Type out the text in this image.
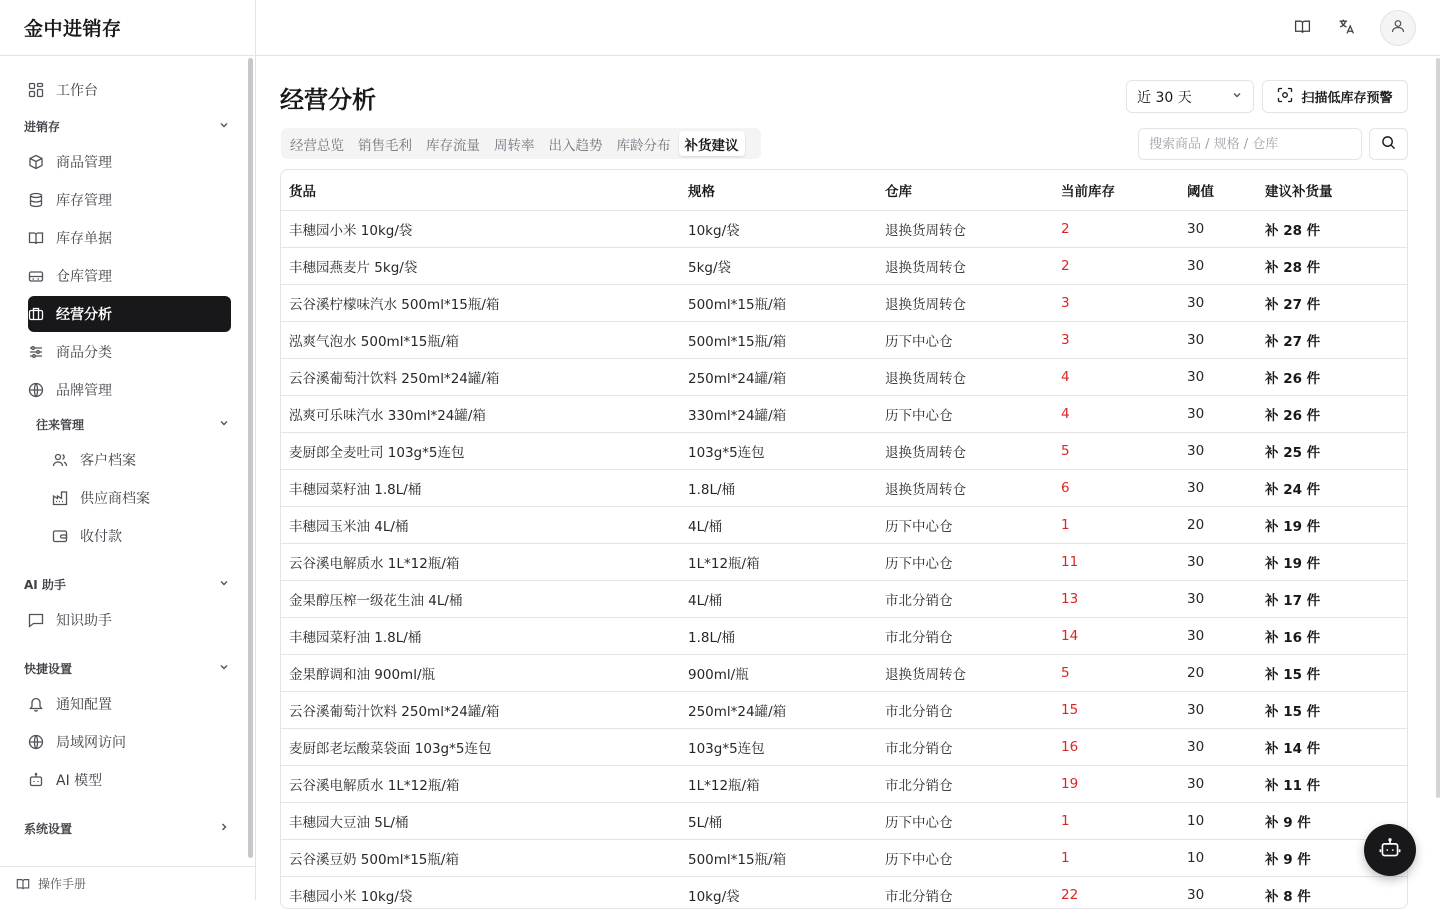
金中进销存
工作台
进销存
商品管理
库存管理
库存单据
仓库管理
经营分析
商品分类
品牌管理
往来管理
客户档案
供应商档案
收付款
AI 助手
知识助手
快捷设置
通知配置
局域网访问
AI 模型
系统设置
操作手册
经营分析	近 30 天	扫描低库存预警
经营总览	销售毛利	库存流量	周转率	出入趋势	库龄分布	补货建议
搜索商品 / 规格 / 仓库
货品	规格	仓库	当前库存	阈值	建议补货量
丰穗园小米 10kg/袋	10kg/袋	退换货周转仓	2	30	补 28 件
丰穗园燕麦片 5kg/袋	5kg/袋	退换货周转仓	2	30	补 28 件
云谷溪柠檬味汽水 500ml*15瓶/箱	500ml*15瓶/箱	退换货周转仓	3	30	补 27 件
泓爽气泡水 500ml*15瓶/箱	500ml*15瓶/箱	历下中心仓	3	30	补 27 件
云谷溪葡萄汁饮料 250ml*24罐/箱	250ml*24罐/箱	退换货周转仓	4	30	补 26 件
泓爽可乐味汽水 330ml*24罐/箱	330ml*24罐/箱	历下中心仓	4	30	补 26 件
麦厨郎全麦吐司 103g*5连包	103g*5连包	退换货周转仓	5	30	补 25 件
丰穗园菜籽油 1.8L/桶	1.8L/桶	退换货周转仓	6	30	补 24 件
丰穗园玉米油 4L/桶	4L/桶	历下中心仓	1	20	补 19 件
云谷溪电解质水 1L*12瓶/箱	1L*12瓶/箱	历下中心仓	11	30	补 19 件
金果醇压榨一级花生油 4L/桶	4L/桶	市北分销仓	13	30	补 17 件
丰穗园菜籽油 1.8L/桶	1.8L/桶	市北分销仓	14	30	补 16 件
金果醇调和油 900ml/瓶	900ml/瓶	退换货周转仓	5	20	补 15 件
云谷溪葡萄汁饮料 250ml*24罐/箱	250ml*24罐/箱	市北分销仓	15	30	补 15 件
麦厨郎老坛酸菜袋面 103g*5连包	103g*5连包	市北分销仓	16	30	补 14 件
云谷溪电解质水 1L*12瓶/箱	1L*12瓶/箱	市北分销仓	19	30	补 11 件
丰穗园大豆油 5L/桶	5L/桶	历下中心仓	1	10	补 9 件
云谷溪豆奶 500ml*15瓶/箱	500ml*15瓶/箱	历下中心仓	1	10	补 9 件
丰穗园小米 10kg/袋	10kg/袋	市北分销仓	22	30	补 8 件
